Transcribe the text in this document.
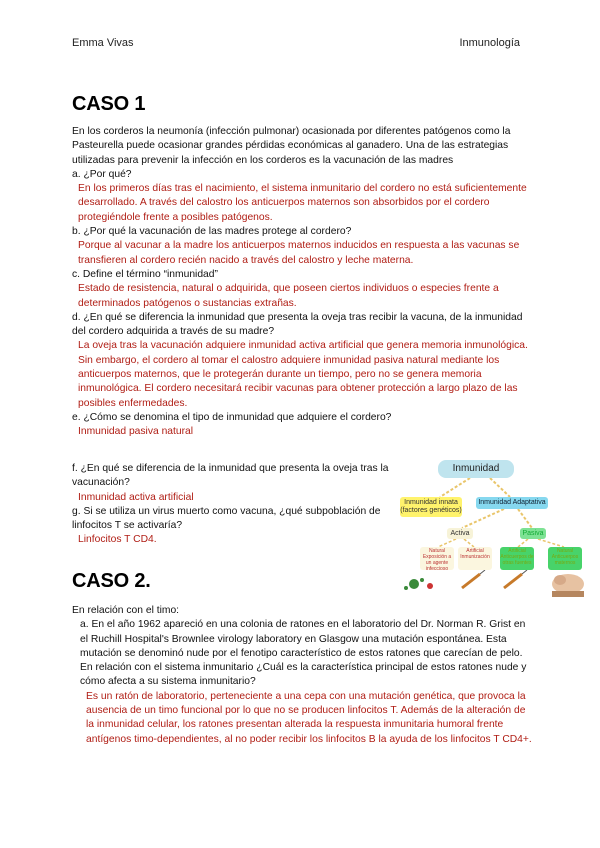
Emma Vivas	Inmunología
CASO 1
En los corderos la neumonía (infección pulmonar) ocasionada por diferentes patógenos como la Pasteurella puede ocasionar grandes pérdidas económicas al ganadero. Una de las estrategias utilizadas para prevenir la infección en los corderos es la vacunación de las madres
a. ¿Por qué?
En los primeros días tras el nacimiento, el sistema inmunitario del cordero no está suficientemente desarrollado. A través del calostro los anticuerpos maternos son absorbidos por el cordero protegiéndole frente a posibles patógenos.
b. ¿Por qué la vacunación de las madres protege al cordero?
Porque al vacunar a la madre los anticuerpos maternos inducidos en respuesta a las vacunas se transfieren al cordero recién nacido a través del calostro y leche materna.
c. Define el término “inmunidad”
Estado de resistencia, natural o adquirida, que poseen ciertos individuos o especies frente a determinados patógenos o sustancias extrañas.
d. ¿En qué se diferencia la inmunidad que presenta la oveja tras recibir la vacuna, de la inmunidad del cordero adquirida a través de su madre?
La oveja tras la vacunación adquiere inmunidad activa artificial que genera memoria inmunológica. Sin embargo, el cordero al tomar el calostro adquiere inmunidad pasiva natural mediante los anticuerpos maternos, que le protegerán durante un tiempo, pero no se genera memoria inmunológica. El cordero necesitará recibir vacunas para obtener protección a largo plazo de las posibles enfermedades.
e. ¿Cómo se denomina el tipo de inmunidad que adquiere el cordero?
Inmunidad pasiva natural
f. ¿En qué se diferencia de la inmunidad que presenta la oveja tras la vacunación?
Inmunidad activa artificial
g. Si se utiliza un virus muerto como vacuna, ¿qué subpoblación de linfocitos T se activaría?
Linfocitos T CD4.
Inmunidad
Inmunidad innata (factores genéticos)
Inmunidad Adaptativa
Activa	Pasiva
Natural Exposición a un agente infeccioso
Artificial Inmunización
Artificial Anticuerpos de otras fuentes
Natural Anticuerpos maternos
CASO 2.
En relación con el timo:
a. En el año 1962 apareció en una colonia de ratones en el laboratorio del Dr. Norman R. Grist en el Ruchill Hospital's Brownlee virology laboratory en Glasgow una mutación espontánea. Esta mutación se denominó nude por el fenotipo característico de estos ratones que carecían de pelo. En relación con el sistema inmunitario ¿Cuál es la característica principal de estos ratones nude y cómo afecta a su sistema inmunitario?
Es un ratón de laboratorio, perteneciente a una cepa con una mutación genética, que provoca la ausencia de un timo funcional por lo que no se producen linfocitos T. Además de la alteración de la inmunidad celular, los ratones presentan alterada la respuesta inmunitaria humoral frente antígenos timo-dependientes, al no poder recibir los linfocitos B la ayuda de los linfocitos T CD4+.
